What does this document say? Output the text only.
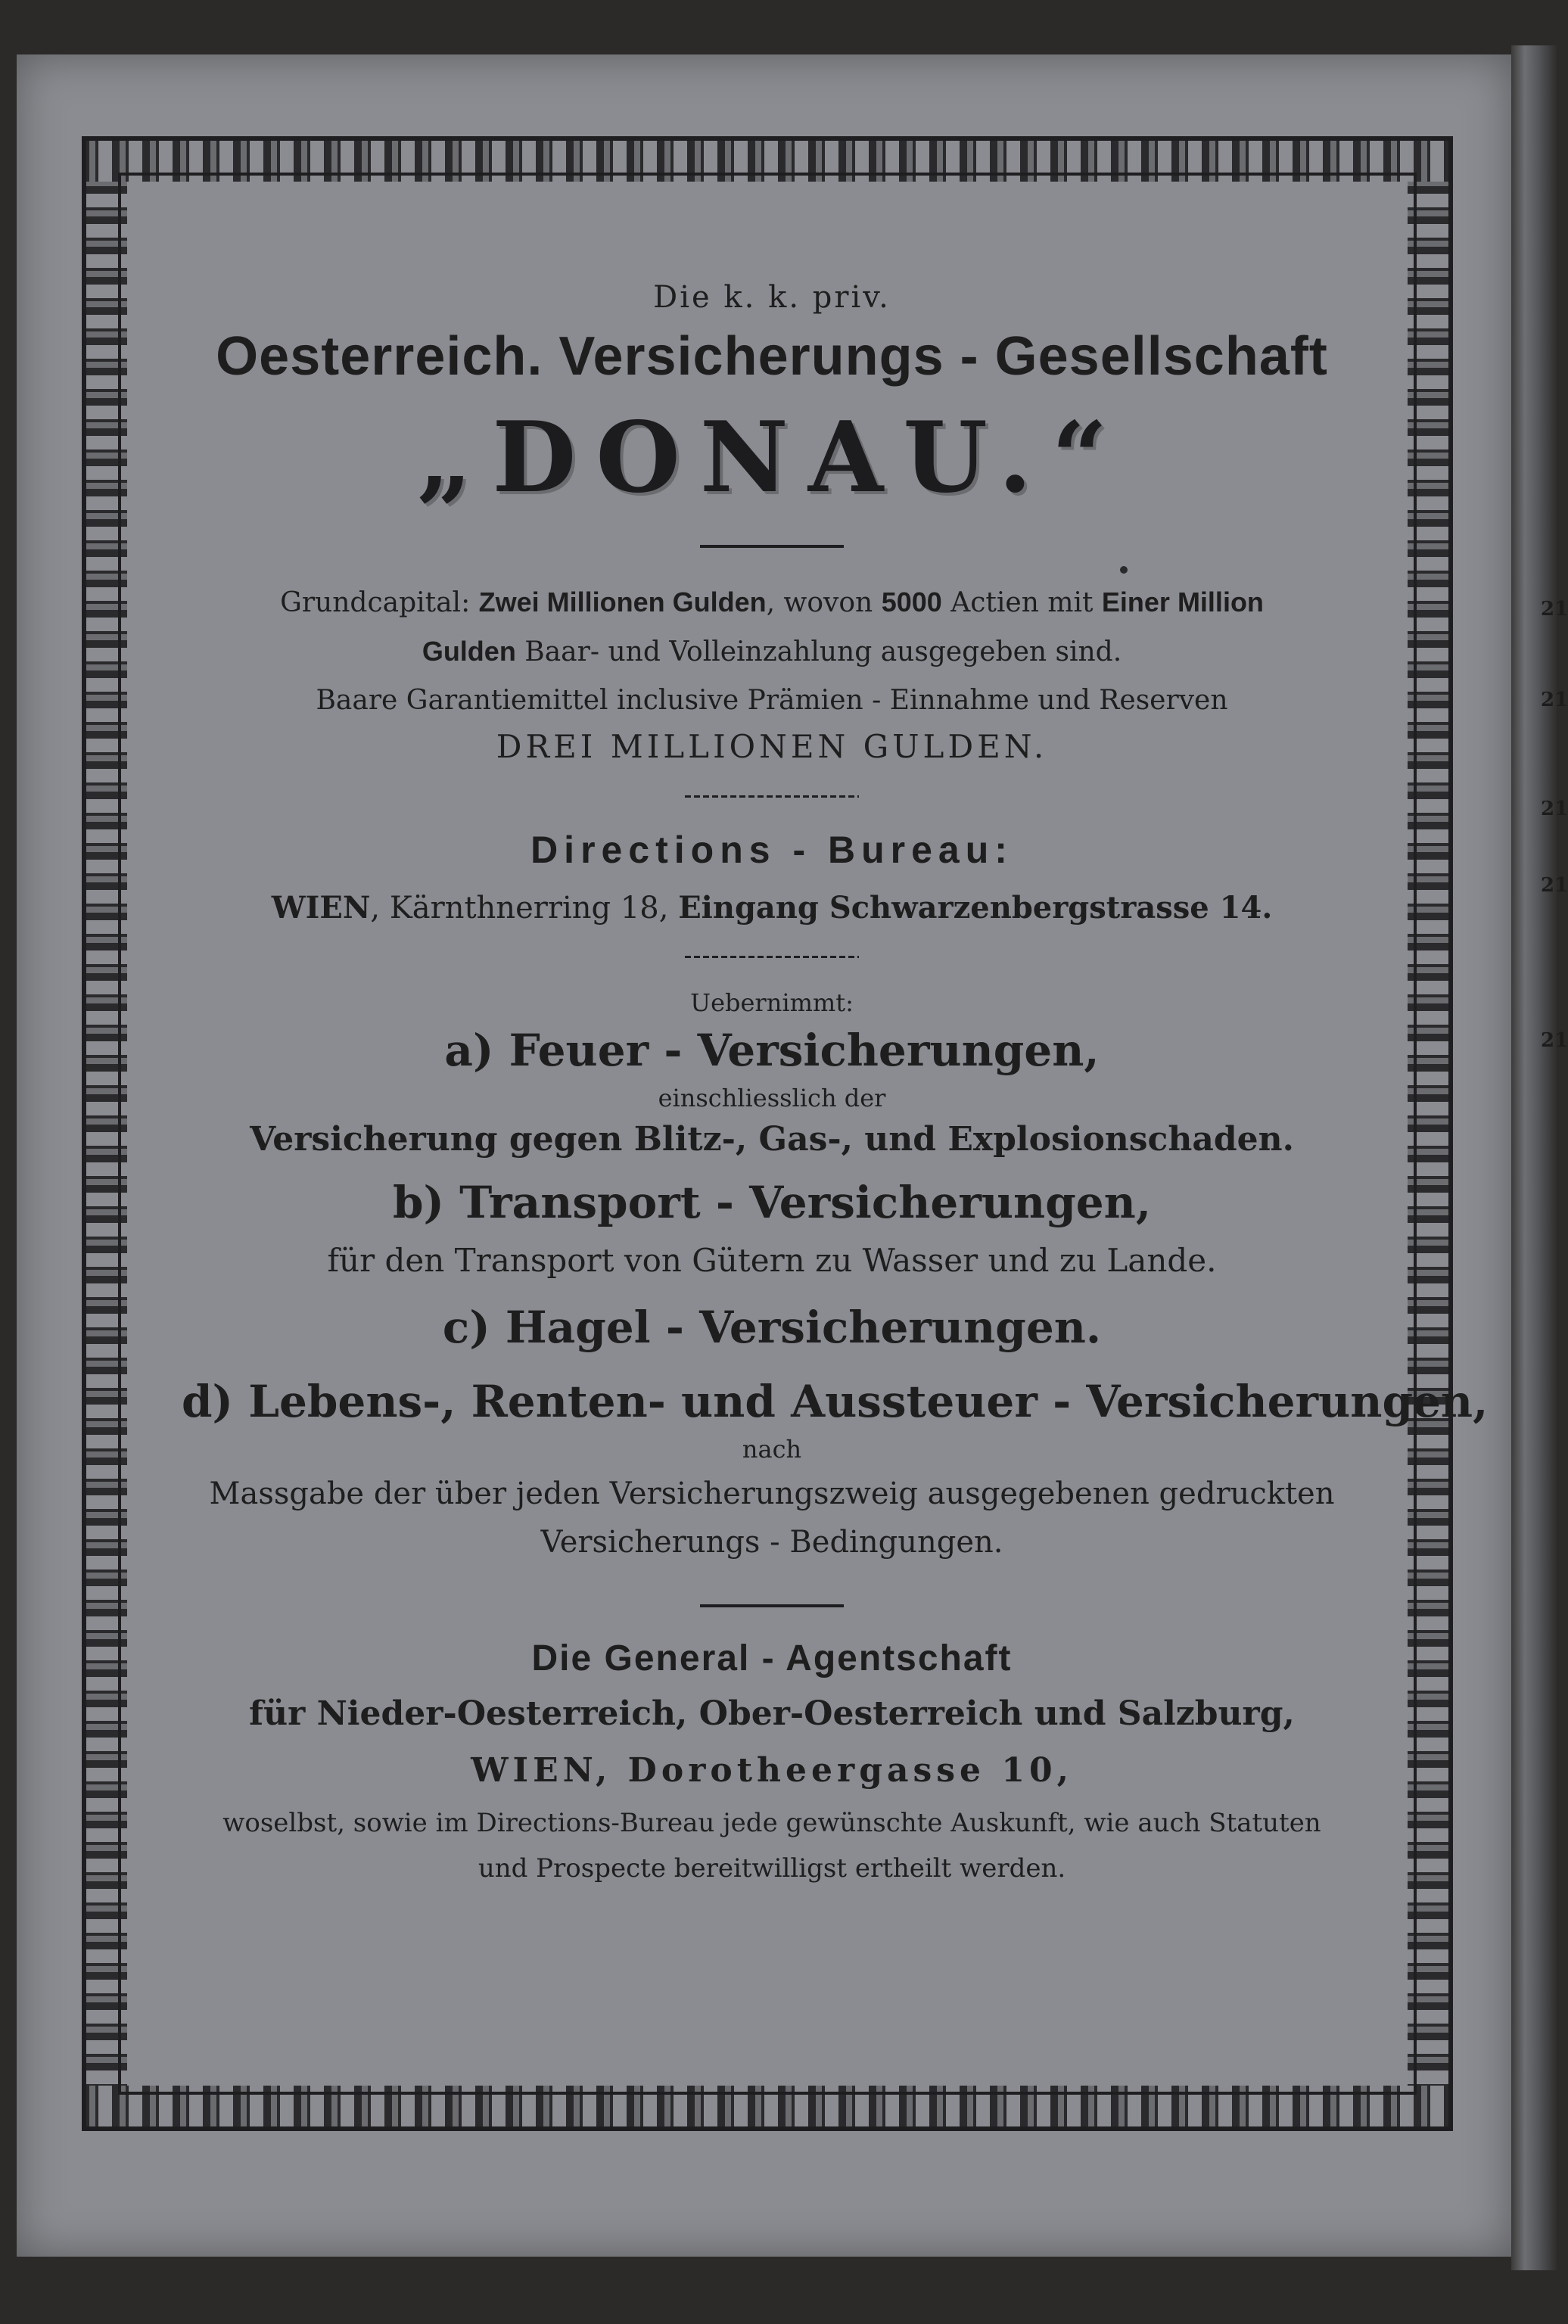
21
21
21
21
21
Die k. k. priv.
Oesterreich. Versicherungs - Gesellschaft
„DONAU.“
Grundcapital: Zwei Millionen Gulden, wovon 5000 Actien mit Einer Million
Gulden Baar- und Volleinzahlung ausgegeben sind.
Baare Garantiemittel inclusive Prämien - Einnahme und Reserven
DREI MILLIONEN GULDEN.
Directions - Bureau:
WIEN, Kärnthnerring 18, Eingang Schwarzenbergstrasse 14.
Uebernimmt:
a) Feuer - Versicherungen,
einschliesslich der
Versicherung gegen Blitz-, Gas-, und Explosionschaden.
b) Transport - Versicherungen,
für den Transport von Gütern zu Wasser und zu Lande.
c) Hagel - Versicherungen.
d) Lebens-, Renten- und Aussteuer - Versicherungen,
nach
Massgabe der über jeden Versicherungszweig ausgegebenen gedruckten
Versicherungs - Bedingungen.
Die General - Agentschaft
für Nieder-Oesterreich, Ober-Oesterreich und Salzburg,
WIEN, Dorotheergasse 10,
woselbst, sowie im Directions-Bureau jede gewünschte Auskunft, wie auch Statuten
und Prospecte bereitwilligst ertheilt werden.
